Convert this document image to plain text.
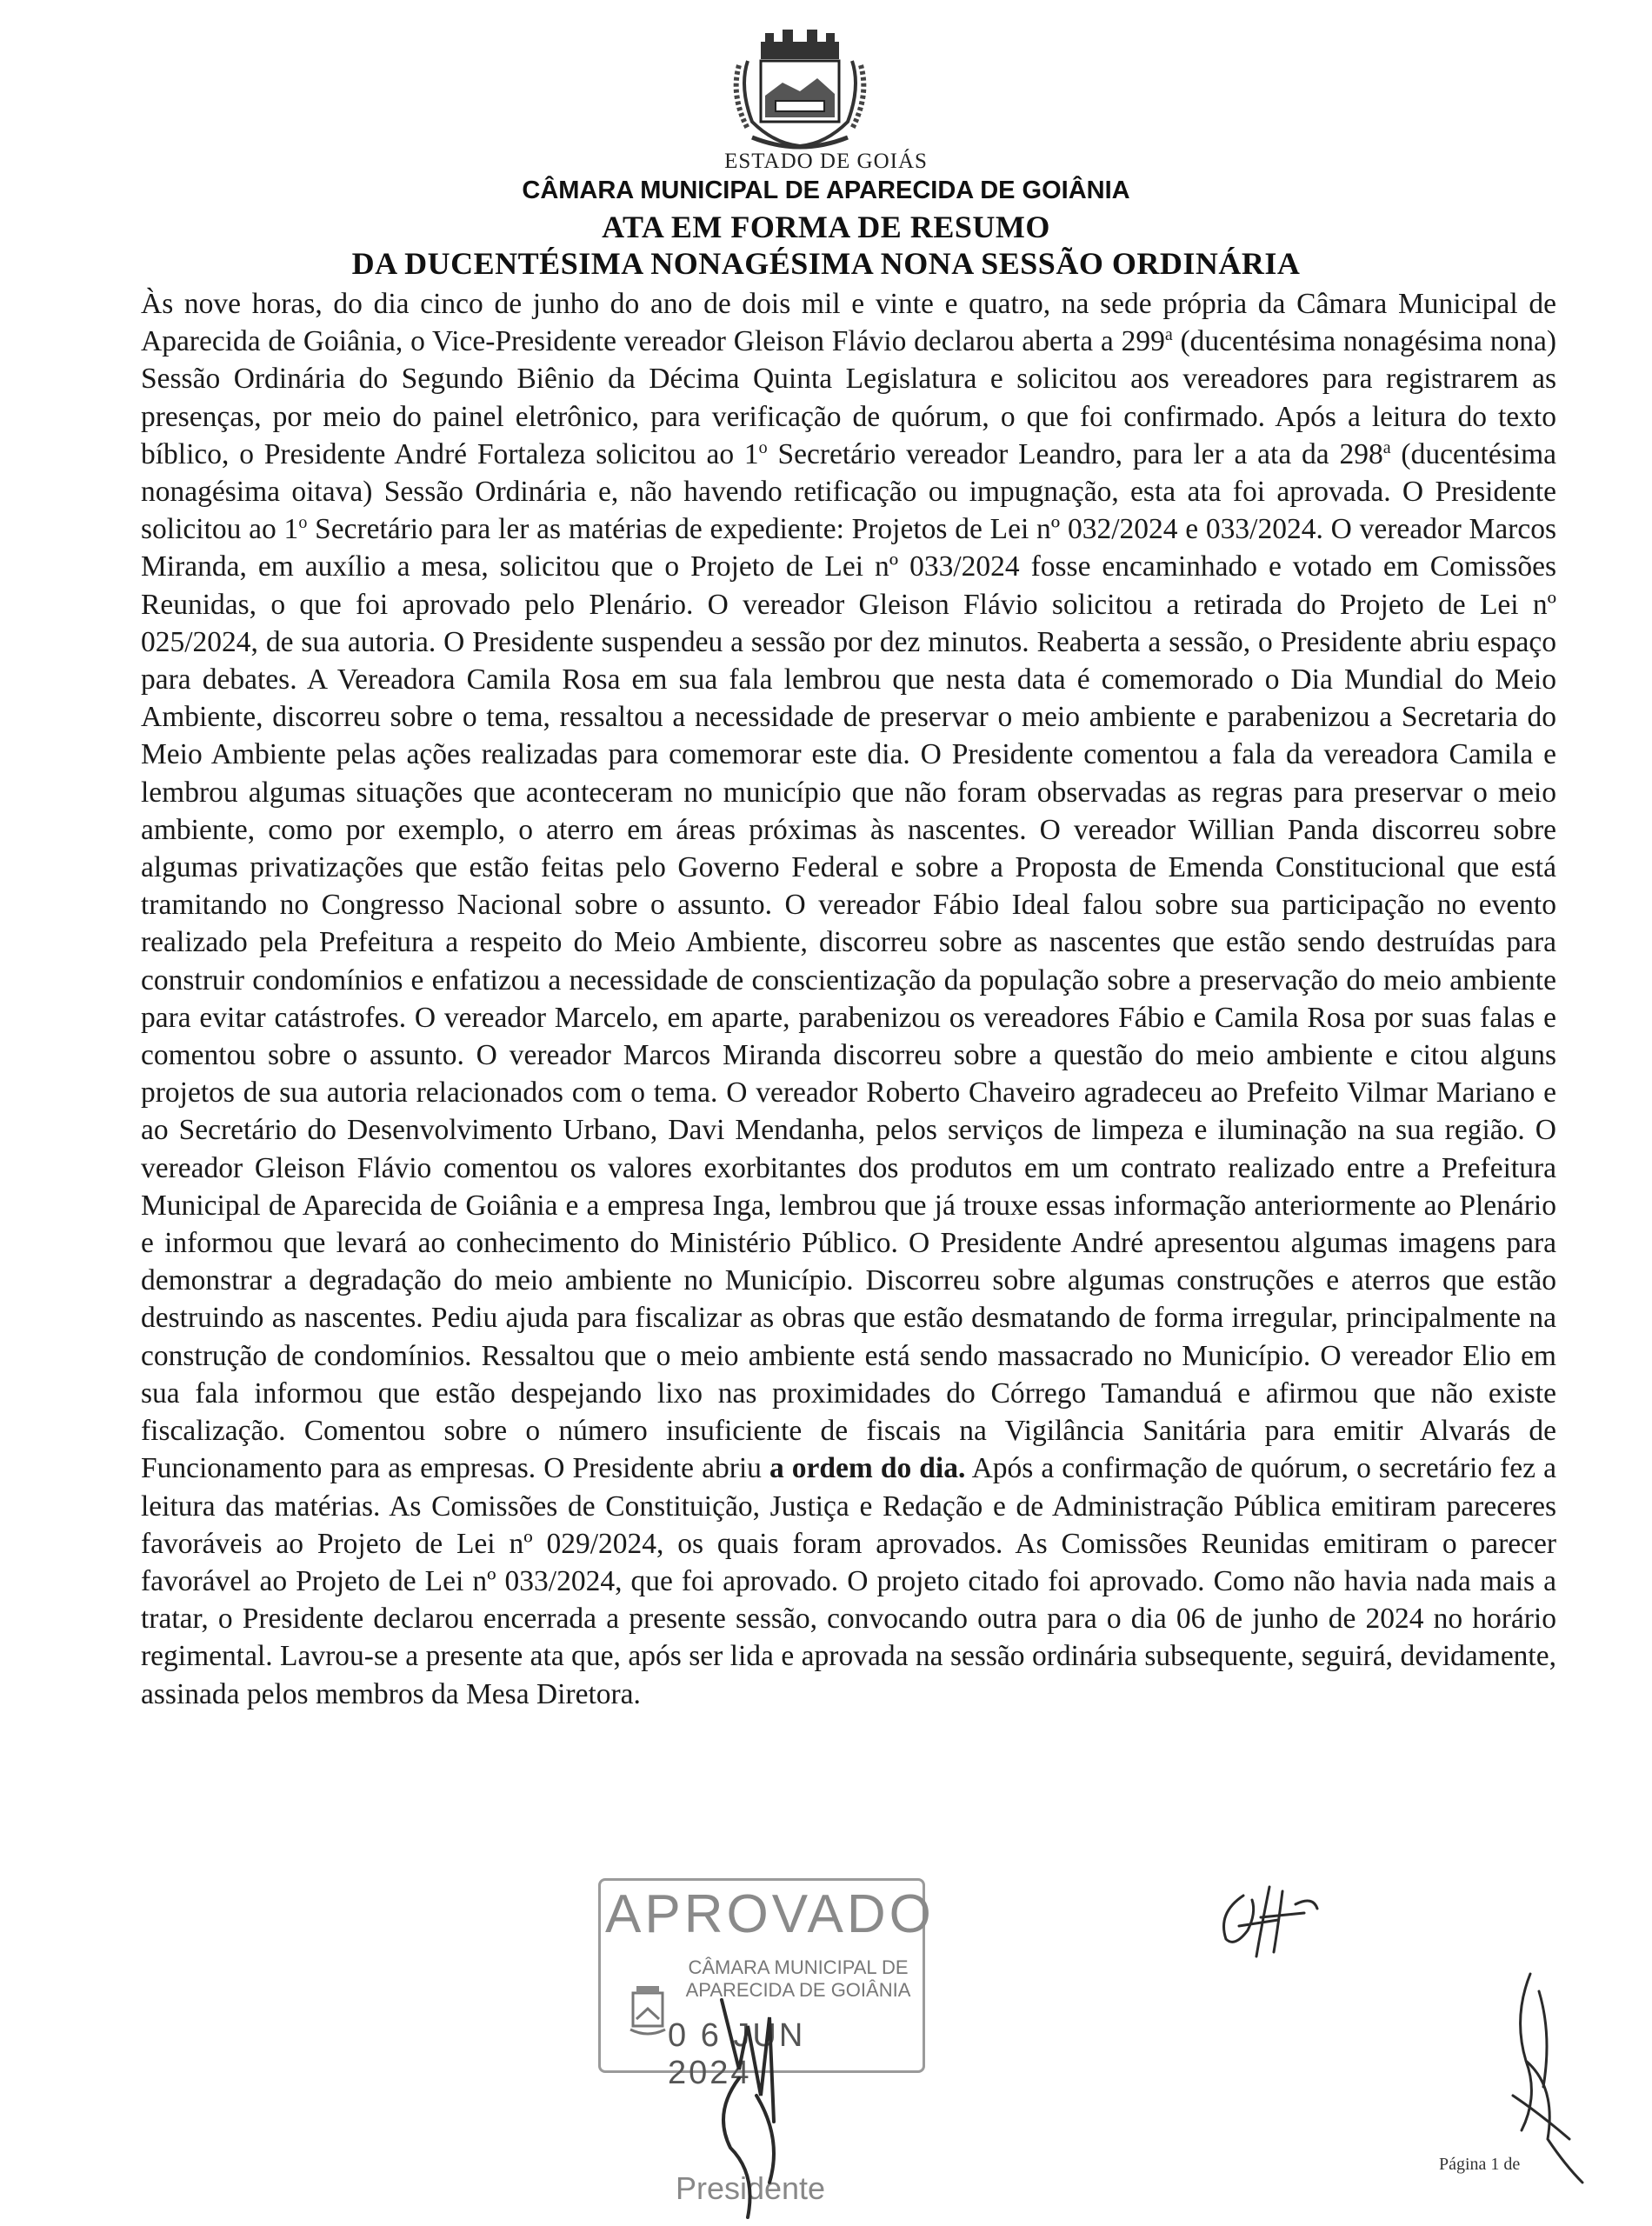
ESTADO DE GOIÁS
CÂMARA MUNICIPAL DE APARECIDA DE GOIÂNIA
ATA EM FORMA DE RESUMO
DA DUCENTÉSIMA NONAGÉSIMA NONA SESSÃO ORDINÁRIA

Às nove horas, do dia cinco de junho do ano de dois mil e vinte e quatro, na sede própria da Câmara Municipal de Aparecida de Goiânia, o Vice-Presidente vereador Gleison Flávio declarou aberta a 299$^a$ (ducentésima nonagésima nona) Sessão Ordinária do Segundo Biênio da Décima Quinta Legislatura e solicitou aos vereadores para registrarem as presenças, por meio do painel eletrônico, para verificação de quórum, o que foi confirmado. Após a leitura do texto bíblico, o Presidente André Fortaleza solicitou ao 1$^o$ Secretário vereador Leandro, para ler a ata da 298$^a$ (ducentésima nonagésima oitava) Sessão Ordinária e, não havendo retificação ou impugnação, esta ata foi aprovada. O Presidente solicitou ao 1$^o$ Secretário para ler as matérias de expediente: Projetos de Lei nº 032/2024 e 033/2024. O vereador Marcos Miranda, em auxílio a mesa, solicitou que o Projeto de Lei nº 033/2024 fosse encaminhado e votado em Comissões Reunidas, o que foi aprovado pelo Plenário. O vereador Gleison Flávio solicitou a retirada do Projeto de Lei nº 025/2024, de sua autoria. O Presidente suspendeu a sessão por dez minutos. Reaberta a sessão, o Presidente abriu espaço para debates. A Vereadora Camila Rosa em sua fala lembrou que nesta data é comemorado o Dia Mundial do Meio Ambiente, discorreu sobre o tema, ressaltou a necessidade de preservar o meio ambiente e parabenizou a Secretaria do Meio Ambiente pelas ações realizadas para comemorar este dia. O Presidente comentou a fala da vereadora Camila e lembrou algumas situações que aconteceram no município que não foram observadas as regras para preservar o meio ambiente, como por exemplo, o aterro em áreas próximas às nascentes. O vereador Willian Panda discorreu sobre algumas privatizações que estão feitas pelo Governo Federal e sobre a Proposta de Emenda Constitucional que está tramitando no Congresso Nacional sobre o assunto. O vereador Fábio Ideal falou sobre sua participação no evento realizado pela Prefeitura a respeito do Meio Ambiente, discorreu sobre as nascentes que estão sendo destruídas para construir condomínios e enfatizou a necessidade de conscientização da população sobre a preservação do meio ambiente para evitar catástrofes. O vereador Marcelo, em aparte, parabenizou os vereadores Fábio e Camila Rosa por suas falas e comentou sobre o assunto. O vereador Marcos Miranda discorreu sobre a questão do meio ambiente e citou alguns projetos de sua autoria relacionados com o tema. O vereador Roberto Chaveiro agradeceu ao Prefeito Vilmar Mariano e ao Secretário do Desenvolvimento Urbano, Davi Mendanha, pelos serviços de limpeza e iluminação na sua região. O vereador Gleison Flávio comentou os valores exorbitantes dos produtos em um contrato realizado entre a Prefeitura Municipal de Aparecida de Goiânia e a empresa Inga, lembrou que já trouxe essas informação anteriormente ao Plenário e informou que levará ao conhecimento do Ministério Público. O Presidente André apresentou algumas imagens para demonstrar a degradação do meio ambiente no Município. Discorreu sobre algumas construções e aterros que estão destruindo as nascentes. Pediu ajuda para fiscalizar as obras que estão desmatando de forma irregular, principalmente na construção de condomínios. Ressaltou que o meio ambiente está sendo massacrado no Município. O vereador Elio em sua fala informou que estão despejando lixo nas proximidades do Córrego Tamanduá e afirmou que não existe fiscalização. Comentou sobre o número insuficiente de fiscais na Vigilância Sanitária para emitir Alvarás de Funcionamento para as empresas. O Presidente abriu a ordem do dia. Após a confirmação de quórum, o secretário fez a leitura das matérias. As Comissões de Constituição, Justiça e Redação e de Administração Pública emitiram pareceres favoráveis ao Projeto de Lei nº 029/2024, os quais foram aprovados. As Comissões Reunidas emitiram o parecer favorável ao Projeto de Lei nº 033/2024, que foi aprovado. O projeto citado foi aprovado. Como não havia nada mais a tratar, o Presidente declarou encerrada a presente sessão, convocando outra para o dia 06 de junho de 2024 no horário regimental. Lavrou-se a presente ata que, após ser lida e aprovada na sessão ordinária subsequente, seguirá, devidamente, assinada pelos membros da Mesa Diretora.

APROVADO
CÂMARA MUNICIPAL DE
APARECIDA DE GOIÂNIA
0 6 JUN 2024
Presidente
Página 1 de
